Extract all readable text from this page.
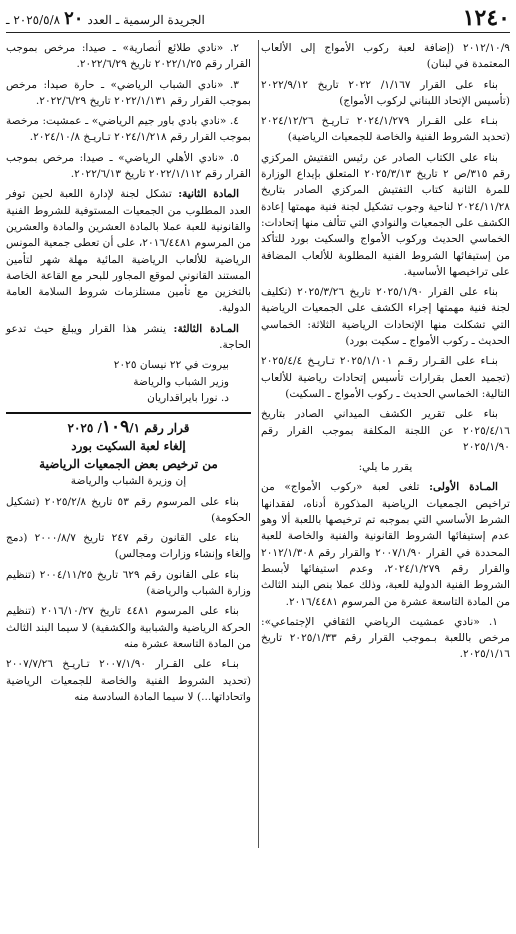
١٢٤٠
الجريدة الرسمية ـ العدد
٢٠
٢٠٢٥/٥/٨ ـ

٢٠١٢/١٠/٩ (إضافة لعبة ركوب الأمواج إلى الألعاب المعتمدة في لبنان)

بناء على القرار ١/١٦٧/ ٢٠٢٢ تاريخ ٢٠٢٢/٩/١٢ (تأسيس الإتحاد اللبناني لركوب الأمواج)

بنـاء على القـرار ٢٠٢٤/١/٢٧٩ تـاريـخ ٢٠٢٤/١٢/٢٦ (تحديد الشروط الفنية والخاصة للجمعيات الرياضية)

بناء على الكتاب الصادر عن رئيس التفتيش المركزي رقم ٣١٥/ص ٢ تاريخ ٢٠٢٥/٣/١٣ المتعلق بإيداع الوزارة للمرة الثانية كتاب التفتيش المركزي الصادر بتاريخ ٢٠٢٤/١١/٢٨ لناحية وجوب تشكيل لجنة فنية مهمتها إعادة الكشف على الجمعيات والنوادي التي تتألف منها إتحادات: الخماسي الحديث وركوب الأمواج والسكيت بورد للتأكد من إستيفائها الشروط الفنية المطلوبة للألعاب المضافة على تراخيصها الأساسية.

بناء على القرار ٢٠٢٥/١/٩٠ تاريخ ٢٠٢٥/٣/٢٦ (تكليف لجنة فنية مهمتها إجراء الكشف على الجمعيات الرياضية التي تشكلت منها الإتحادات الرياضية الثلاثة: الخماسي الحديث ـ ركوب الأمواج ـ سكيت بورد)

بنـاء على القـرار رقـم ٢٠٢٥/١/١٠١ تـاريـخ ٢٠٢٥/٤/٤ (تجميد العمل بقرارات تأسيس إتحادات رياضية للألعاب التالية: الخماسي الحديث ـ ركوب الأمواج ـ السكيت)

بناء على تقرير الكشف الميداني الصادر بتاريخ ٢٠٢٥/٤/١٦ عن اللجنة المكلفة بموجب القرار رقم ٢٠٢٥/١/٩٠

يقرر ما يلي:

المـادة الأولى: تلغى لعبة «ركوب الأمواج» من تراخيص الجمعيات الرياضية المذكورة أدناه، لفقدانها الشرط الأساسي التي بموجبه تم ترخيصها باللعبة ألا وهو عدم إستيفائها الشروط القانونية والفنية والخاصة للعبة المحددة في القرار ٢٠٠٧/١/٩٠ والقرار رقم ٢٠١٢/١/٣٠٨ والقرار رقم ٢٠٢٤/١/٢٧٩، وعدم استيفائها لأبسط الشروط الفنية الدولية للعبة، وذلك عملا بنص البند الثالث من المادة التاسعة عشرة من المرسوم ٢٠١٦/٤٤٨١.

١. «نادي عمشيت الرياضي الثقافي الإجتماعي»: مرخص باللعبة بـموجب القرار رقم ٢٠٢٥/١/٣٣ تاريخ ٢٠٢٥/١/١٦.

٢. «نادي طلائع أنصارية» ـ صيدا: مرخص بموجب القرار رقم ٢٠٢٢/١/٢٥ تاريخ ٢٠٢٢/٦/٢٩.

٣. «نادي الشباب الرياضي» ـ حارة صيدا: مرخص بموجب القرار رقم ٢٠٢٢/١/١٣١ تاريخ ٢٠٢٢/٦/٢٩.

٤. «نادي بادي باور جيم الرياضي» ـ عمشيت: مرخصة بموجب القرار رقم ٢٠٢٤/١/٢١٨ تـاريـخ ٢٠٢٤/١٠/٨.

٥. «نادي الأهلي الرياضي» ـ صيدا: مرخص بموجب القرار رقم ٢٠٢٢/١/١١٢ تاريخ ٢٠٢٢/٦/١٣.

المادة الثانية: تشكل لجنة لإدارة اللعبة لحين توفر العدد المطلوب من الجمعيات المستوفية للشروط الفنية والقانونية للعبة عملا بالمادة العشرين والمادة والعشرين من المرسوم ٢٠١٦/٤٤٨١، على أن تعطى جمعية المونس الرياضية للألعاب الرياضية المائية مهلة شهر لتأمين المستند القانوني لموقع المجاور للبحر مع القاعة الخاصة بالتخزين مع تأمين مستلزمات شروط السلامة العامة الدولية.

المـادة الثالثة: ينشر هذا القرار ويبلغ حيث تدعو الحاجة.

بيروت في ٢٢ نيسان ٢٠٢٥

وزير الشباب والرياضة

د. نورا بايراقداريان

قرار رقم ١٠٩/١/ ٢٠٢٥
إلغاء لعبة السكيت بورد
من ترخيص بعض الجمعيات الرياضية

إن وزيرة الشباب والرياضة

بناء على المرسوم رقم ٥٣ تاريخ ٢٠٢٥/٢/٨ (تشكيل الحكومة)

بناء على القانون رقم ٢٤٧ تاريخ ٢٠٠٠/٨/٧ (دمج وإلغاء وإنشاء وزارات ومجالس)

بناء على القانون رقم ٦٢٩ تاريخ ٢٠٠٤/١١/٢٥ (تنظيم وزارة الشباب والرياضة)

بناء على المرسوم ٤٤٨١ تاريخ ٢٠١٦/١٠/٢٧ (تنظيم الحركة الرياضية والشبابية والكشفية) لا سيما البند الثالث من المادة التاسعة عشرة منه

بنـاء على القـرار ٢٠٠٧/١/٩٠ تـاريـخ ٢٠٠٧/٧/٢٦ (تحديد الشروط الفنية والخاصة للجمعيات الرياضية واتحاداتها...) لا سيما المادة السادسة منه
